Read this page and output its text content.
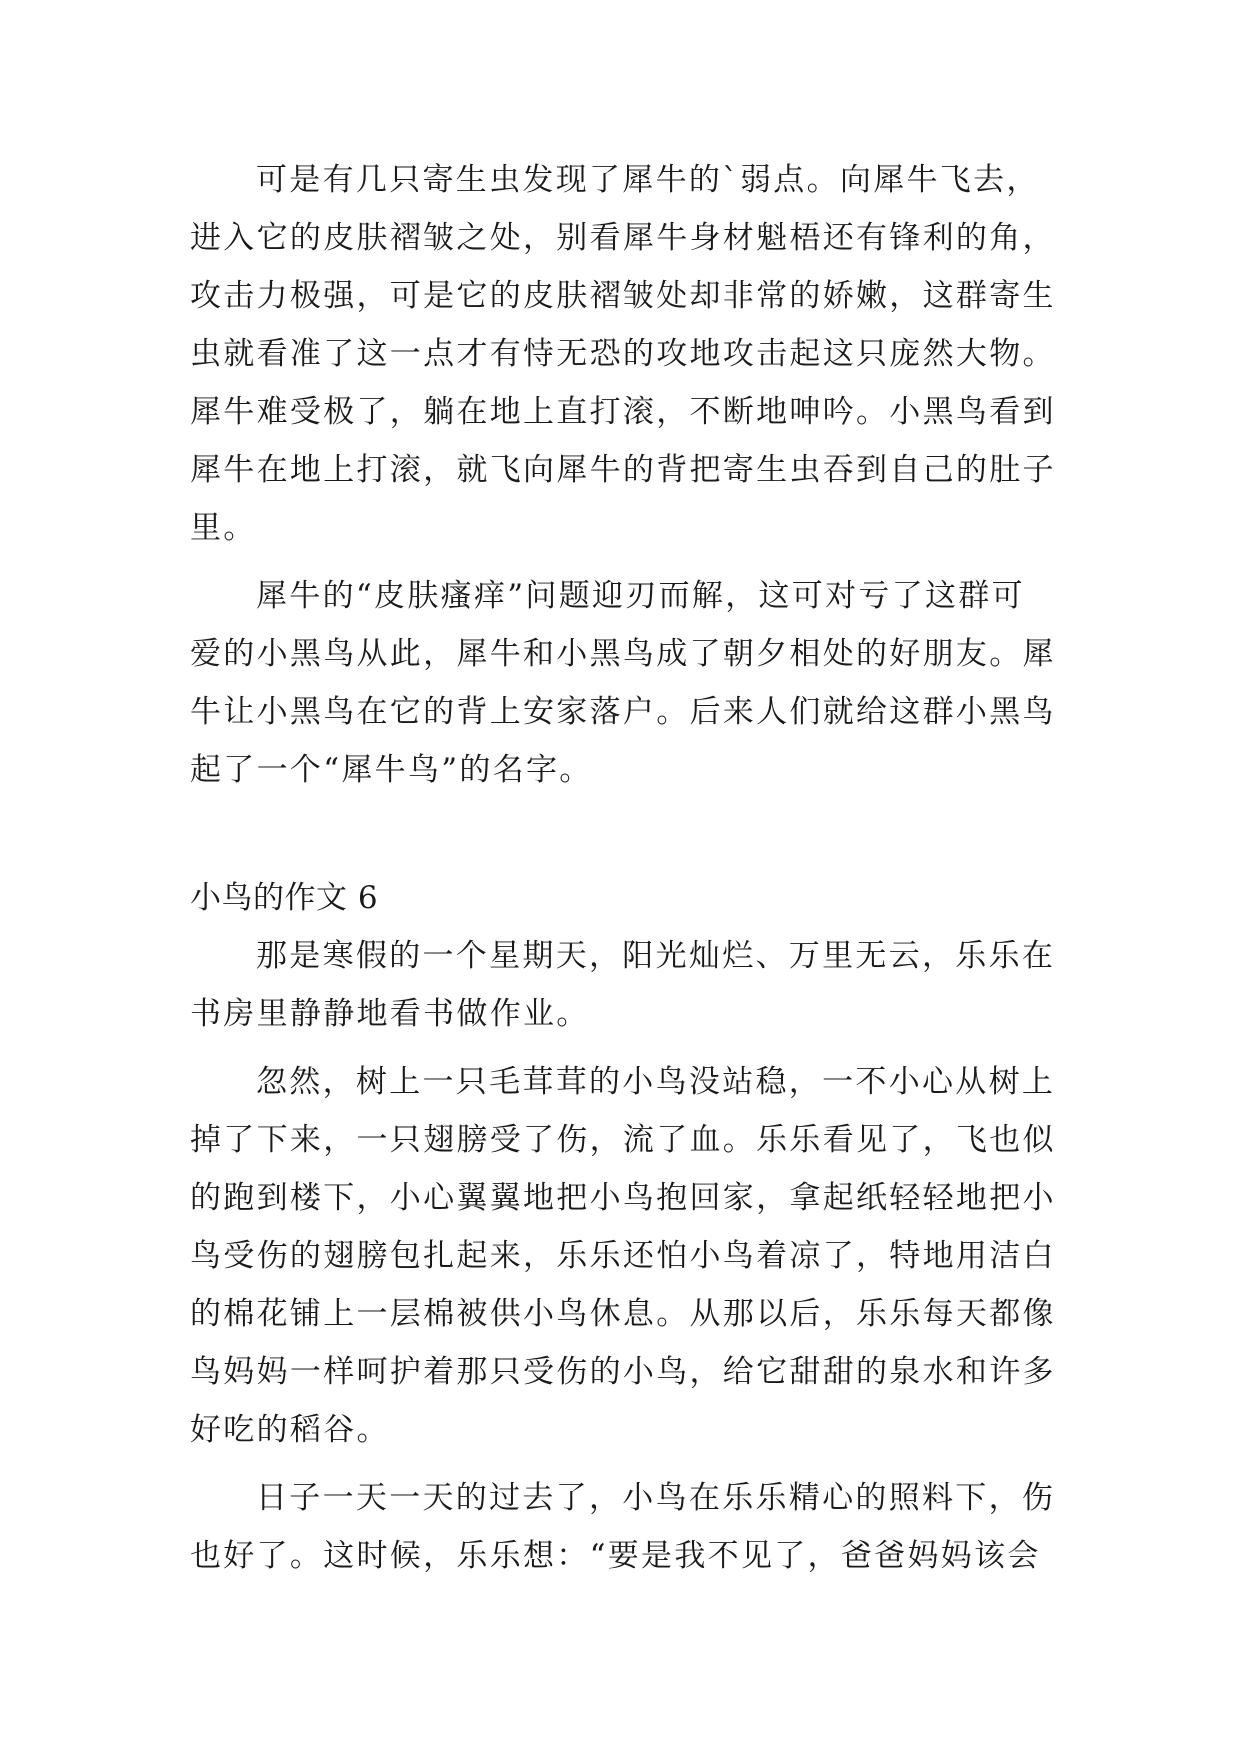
可是有几只寄生虫发现了犀牛的`弱点。向犀牛飞去，
进入它的皮肤褶皱之处，别看犀牛身材魁梧还有锋利的角，
攻击力极强，可是它的皮肤褶皱处却非常的娇嫩，这群寄生
虫就看准了这一点才有恃无恐的攻地攻击起这只庞然大物。
犀牛难受极了，躺在地上直打滚，不断地呻吟。小黑鸟看到
犀牛在地上打滚，就飞向犀牛的背把寄生虫吞到自己的肚子
里。
犀牛的“皮肤瘙痒”问题迎刃而解，这可对亏了这群可
爱的小黑鸟从此，犀牛和小黑鸟成了朝夕相处的好朋友。犀
牛让小黑鸟在它的背上安家落户。后来人们就给这群小黑鸟
起了一个“犀牛鸟”的名字。
小鸟的作文 6
那是寒假的一个星期天，阳光灿烂、万里无云，乐乐在
书房里静静地看书做作业。
忽然，树上一只毛茸茸的小鸟没站稳，一不小心从树上
掉了下来，一只翅膀受了伤，流了血。乐乐看见了，飞也似
的跑到楼下，小心翼翼地把小鸟抱回家，拿起纸轻轻地把小
鸟受伤的翅膀包扎起来，乐乐还怕小鸟着凉了，特地用洁白
的棉花铺上一层棉被供小鸟休息。从那以后，乐乐每天都像
鸟妈妈一样呵护着那只受伤的小鸟，给它甜甜的泉水和许多
好吃的稻谷。
日子一天一天的过去了，小鸟在乐乐精心的照料下，伤
也好了。这时候，乐乐想：“要是我不见了，爸爸妈妈该会
